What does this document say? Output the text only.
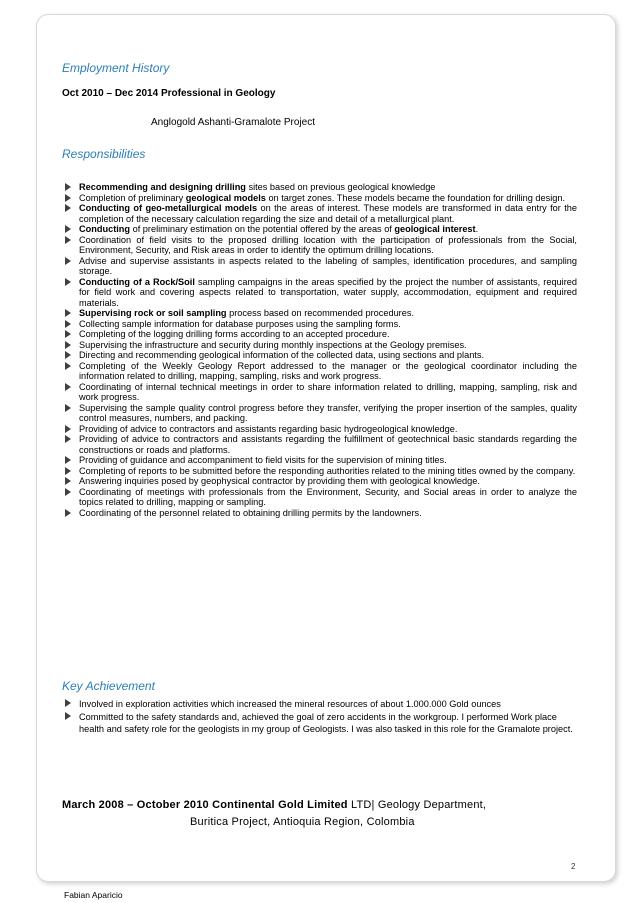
Employment History
Oct 2010 – Dec 2014 Professional in Geology
Anglogold Ashanti-Gramalote Project
Responsibilities
Recommending and designing drilling sites based on previous geological knowledge
Completion of preliminary geological models on target zones. These models became the foundation for drilling design.
Conducting of geo-metallurgical models on the areas of interest. These models are transformed in data entry for the completion of the necessary calculation regarding the size and detail of a metallurgical plant.
Conducting of preliminary estimation on the potential offered by the areas of geological interest.
Coordination of field visits to the proposed drilling location with the participation of professionals from the Social, Environment, Security, and Risk areas in order to identify the optimum drilling locations.
Advise and supervise assistants in aspects related to the labeling of samples, identification procedures, and sampling storage.
Conducting of a Rock/Soil sampling campaigns in the areas specified by the project the number of assistants, required for field work and covering aspects related to transportation, water supply, accommodation, equipment and required materials.
Supervising rock or soil sampling process based on recommended procedures.
Collecting sample information for database purposes using the sampling forms.
Completing of the logging drilling forms according to an accepted procedure.
Supervising the infrastructure and security during monthly inspections at the Geology premises.
Directing and recommending geological information of the collected data, using sections and plants.
Completing of the Weekly Geology Report addressed to the manager or the geological coordinator including the information related to drilling, mapping, sampling, risks and work progress.
Coordinating of internal technical meetings in order to share information related to drilling, mapping, sampling, risk and work progress.
Supervising the sample quality control progress before they transfer, verifying the proper insertion of the samples, quality control measures, numbers, and packing.
Providing of advice to contractors and assistants regarding basic hydrogeological knowledge.
Providing of advice to contractors and assistants regarding the fulfillment of geotechnical basic standards regarding the constructions or roads and platforms.
Providing of guidance and accompaniment to field visits for the supervision of mining titles.
Completing of reports to be submitted before the responding authorities related to the mining titles owned by the company.
Answering inquiries posed by geophysical contractor by providing them with geological knowledge.
Coordinating of meetings with professionals from the Environment, Security, and Social areas in order to analyze the topics related to drilling, mapping or sampling.
Coordinating of the personnel related to obtaining drilling permits by the landowners.
Key Achievement
Involved in exploration activities which increased the mineral resources of about 1.000.000 Gold ounces
Committed to the safety standards and, achieved the goal of zero accidents in the workgroup. I performed Work place health and safety role for the geologists in my group of Geologists. I was also tasked in this role for the Gramalote project.
March 2008 – October 2010 Continental Gold Limited LTD| Geology Department,
Buritica Project, Antioquia Region, Colombia
2
Fabian Aparicio
